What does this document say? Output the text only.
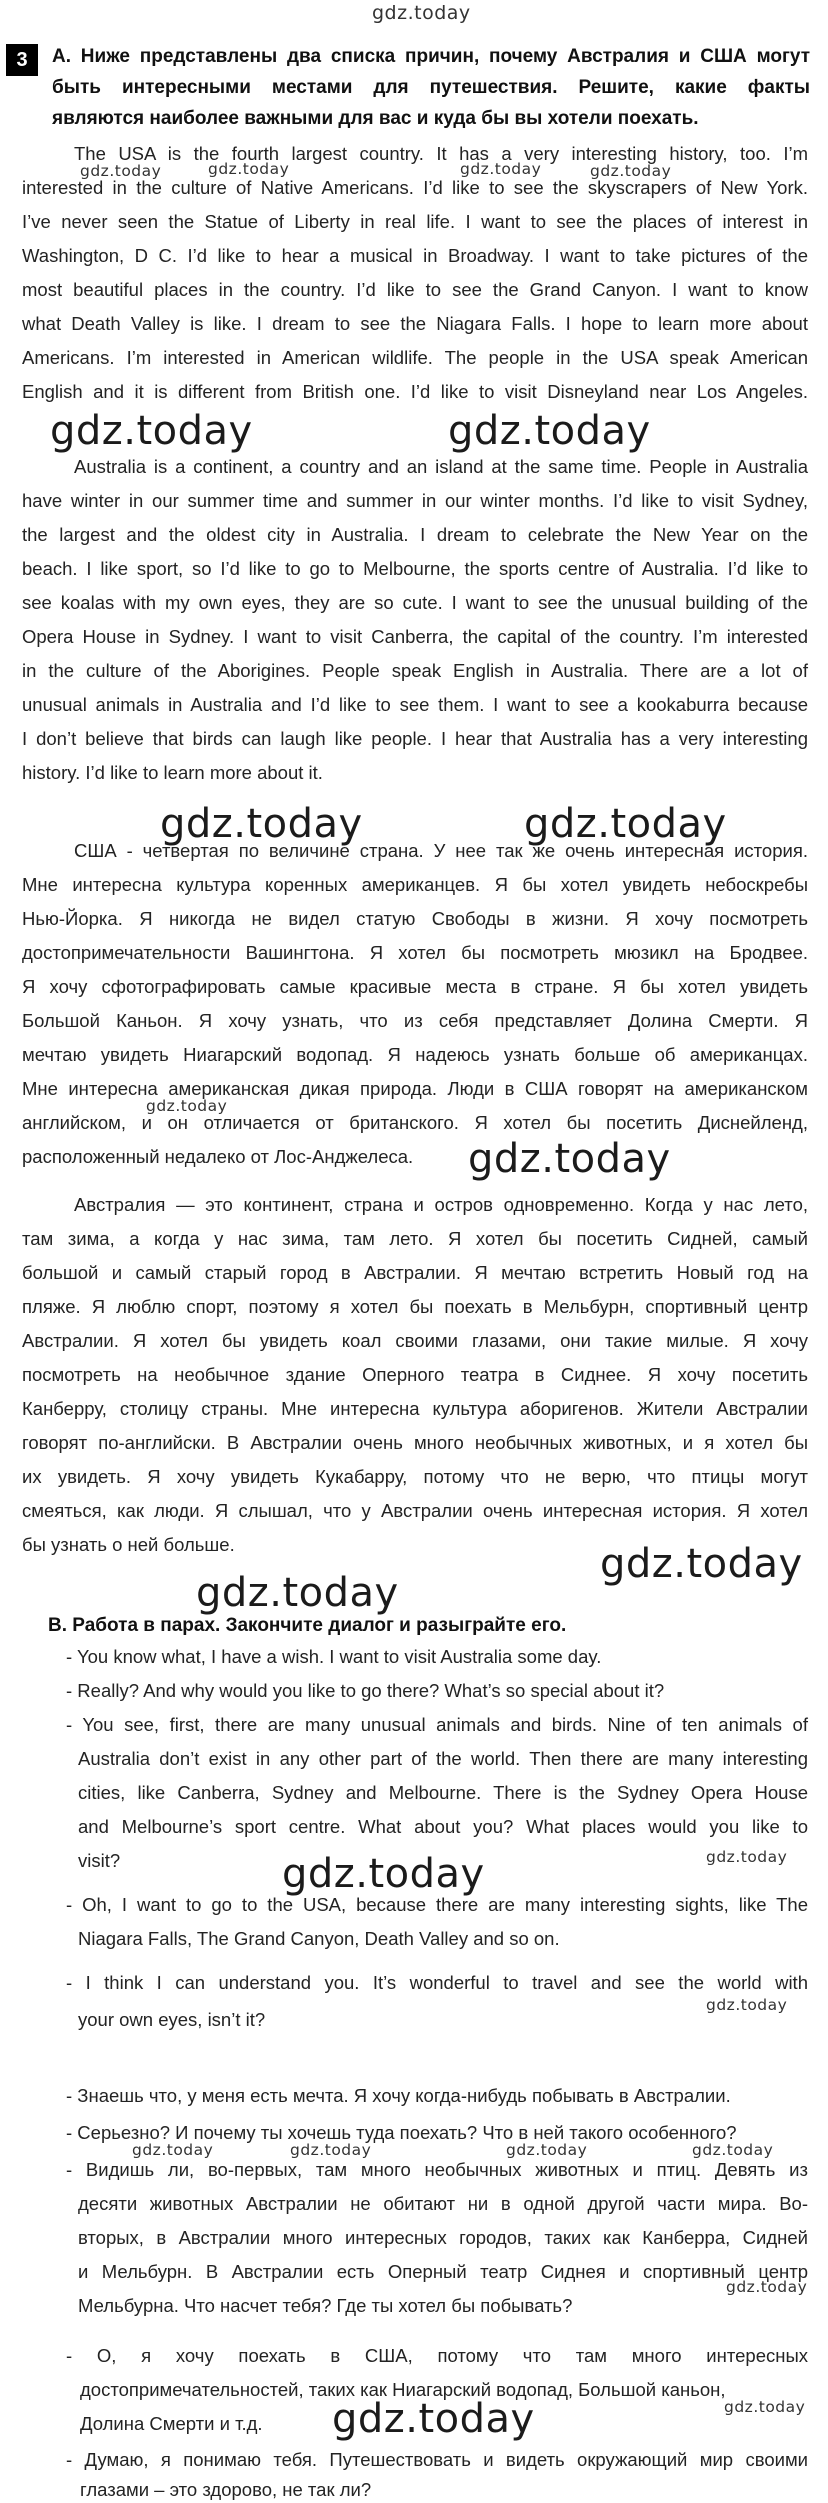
gdz.today
3	А. Ниже представлены два списка причин, почему Австралия и США могут
быть интересными местами для путешествия. Решите, какие факты
являются наиболее важными для вас и куда бы вы хотели поехать.
The USA is the fourth largest country. It has a very interesting history, too. I’m
interested in the culture of Native Americans. I’d like to see the skyscrapers of New York.
I’ve never seen the Statue of Liberty in real life. I want to see the places of interest in
Washington, D C. I’d like to hear a musical in Broadway. I want to take pictures of the
most beautiful places in the country. I’d like to see the Grand Canyon. I want to know
what Death Valley is like. I dream to see the Niagara Falls. I hope to learn more about
Americans. I’m interested in American wildlife. The people in the USA speak American
English and it is different from British one. I’d like to visit Disneyland near Los Angeles.
Australia is a continent, a country and an island at the same time. People in Australia
have winter in our summer time and summer in our winter months. I’d like to visit Sydney,
the largest and the oldest city in Australia. I dream to celebrate the New Year on the
beach. I like sport, so I’d like to go to Melbourne, the sports centre of Australia. I’d like to
see koalas with my own eyes, they are so cute. I want to see the unusual building of the
Opera House in Sydney. I want to visit Canberra, the capital of the country. I’m interested
in the culture of the Aborigines. People speak English in Australia. There are a lot of
unusual animals in Australia and I’d like to see them. I want to see a kookaburra because
I don’t believe that birds can laugh like people. I hear that Australia has a very interesting
history. I’d like to learn more about it.
США - четвертая по величине страна. У нее так же очень интересная история.
Мне интересна культура коренных американцев. Я бы хотел увидеть небоскребы
Нью-Йорка. Я никогда не видел статую Свободы в жизни. Я хочу посмотреть
достопримечательности Вашингтона. Я хотел бы посмотреть мюзикл на Бродвее.
Я хочу сфотографировать самые красивые места в стране. Я бы хотел увидеть
Большой Каньон. Я хочу узнать, что из себя представляет Долина Смерти. Я
мечтаю увидеть Ниагарский водопад. Я надеюсь узнать больше об американцах.
Мне интересна американская дикая природа. Люди в США говорят на американском
английском, и он отличается от британского. Я хотел бы посетить Диснейленд,
расположенный недалеко от Лос-Анджелеса.
Австралия — это континент, страна и остров одновременно. Когда у нас лето,
там зима, а когда у нас зима, там лето. Я хотел бы посетить Сидней, самый
большой и самый старый город в Австралии. Я мечтаю встретить Новый год на
пляже. Я люблю спорт, поэтому я хотел бы поехать в Мельбурн, спортивный центр
Австралии. Я хотел бы увидеть коал своими глазами, они такие милые. Я хочу
посмотреть на необычное здание Оперного театра в Сиднее. Я хочу посетить
Канберру, столицу страны. Мне интересна культура аборигенов. Жители Австралии
говорят по-английски. В Австралии очень много необычных животных, и я хотел бы
их увидеть. Я хочу увидеть Кукабарру, потому что не верю, что птицы могут
смеяться, как люди. Я слышал, что у Австралии очень интересная история. Я хотел
бы узнать о ней больше.
В. Работа в парах. Закончите диалог и разыграйте его.
- You know what, I have a wish. I want to visit Australia some day.
- Really? And why would you like to go there? What’s so special about it?
- You see, first, there are many unusual animals and birds. Nine of ten animals of
Australia don’t exist in any other part of the world. Then there are many interesting
cities, like Canberra, Sydney and Melbourne. There is the Sydney Opera House
and Melbourne’s sport centre. What about you? What places would you like to
visit?
- Oh, I want to go to the USA, because there are many interesting sights, like The
Niagara Falls, The Grand Canyon, Death Valley and so on.
- I think I can understand you. It’s wonderful to travel and see the world with
your own eyes, isn’t it?
- Знаешь что, у меня есть мечта. Я хочу когда-нибудь побывать в Австралии.
- Серьезно? И почему ты хочешь туда поехать? Что в ней такого особенного?
- Видишь ли, во-первых, там много необычных животных и птиц. Девять из
десяти животных Австралии не обитают ни в одной другой части мира. Во-
вторых, в Австралии много интересных городов, таких как Канберра, Сидней
и Мельбурн. В Австралии есть Оперный театр Сиднея и спортивный центр
Мельбурна. Что насчет тебя? Где ты хотел бы побывать?
- О, я хочу поехать в США, потому что там много интересных
достопримечательностей, таких как Ниагарский водопад, Большой каньон,
Долина Смерти и т.д.
- Думаю, я понимаю тебя. Путешествовать и видеть окружающий мир своими
глазами – это здорово, не так ли?
gdz.today	gdz.today	gdz.today	gdz.today
gdz.today	gdz.today
gdz.today	gdz.today
gdz.today
gdz.today
gdz.today
gdz.today
gdz.today	gdz.today
gdz.today
gdz.today	gdz.today	gdz.today	gdz.today
gdz.today
gdz.today	gdz.today
